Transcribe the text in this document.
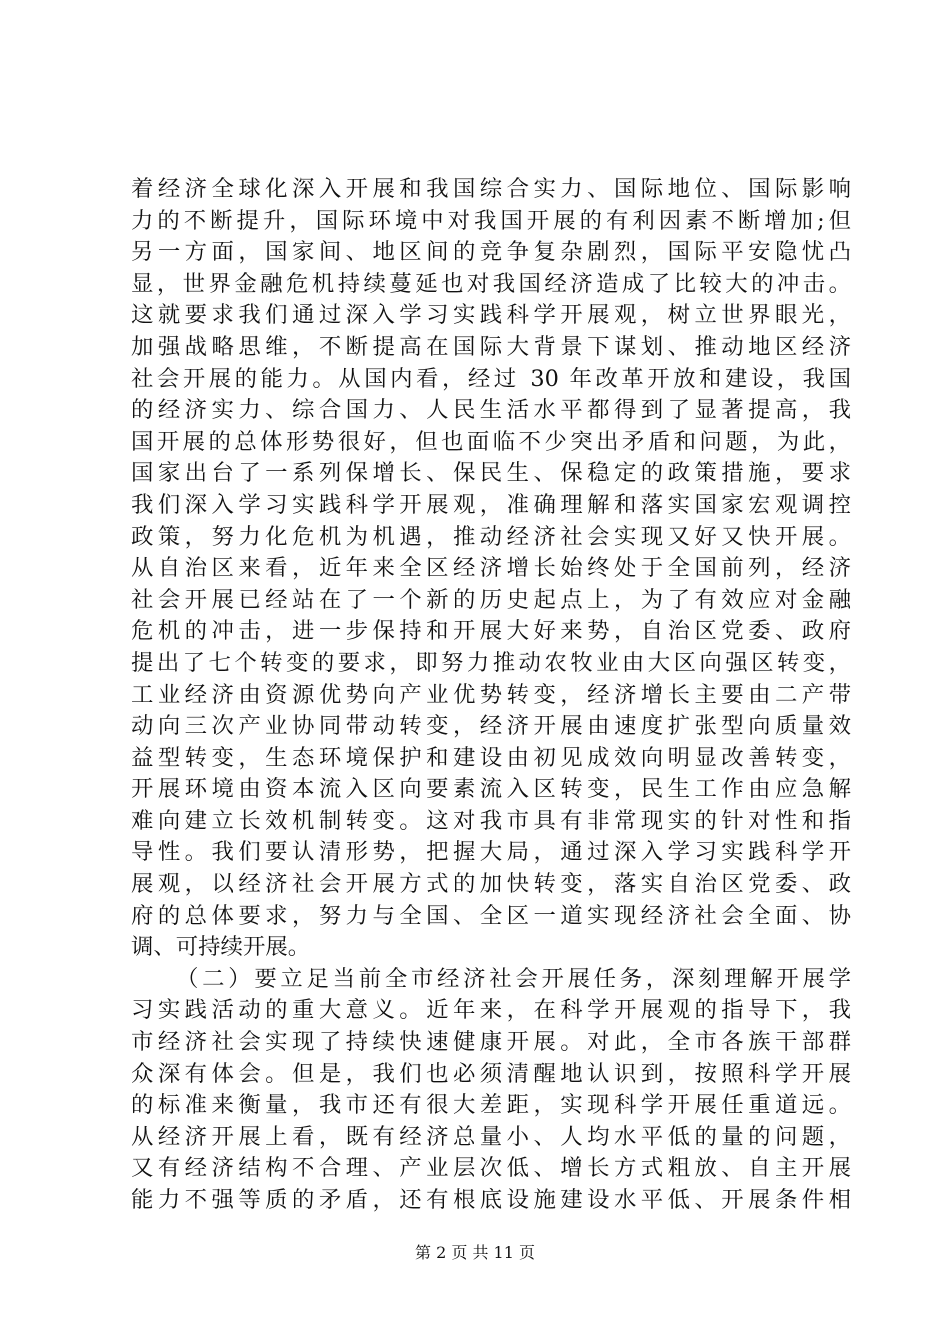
着经济全球化深入开展和我国综合实力、国际地位、国际影响
力的不断提升，国际环境中对我国开展的有利因素不断增加;但
另一方面，国家间、地区间的竞争复杂剧烈，国际平安隐忧凸
显，世界金融危机持续蔓延也对我国经济造成了比较大的冲击。
这就要求我们通过深入学习实践科学开展观，树立世界眼光，
加强战略思维，不断提高在国际大背景下谋划、推动地区经济
社会开展的能力。从国内看，经过 30 年改革开放和建设，我国
的经济实力、综合国力、人民生活水平都得到了显著提高，我
国开展的总体形势很好，但也面临不少突出矛盾和问题，为此，
国家出台了一系列保增长、保民生、保稳定的政策措施，要求
我们深入学习实践科学开展观，准确理解和落实国家宏观调控
政策，努力化危机为机遇，推动经济社会实现又好又快开展。
从自治区来看，近年来全区经济增长始终处于全国前列，经济
社会开展已经站在了一个新的历史起点上，为了有效应对金融
危机的冲击，进一步保持和开展大好来势，自治区党委、政府
提出了七个转变的要求，即努力推动农牧业由大区向强区转变，
工业经济由资源优势向产业优势转变，经济增长主要由二产带
动向三次产业协同带动转变，经济开展由速度扩张型向质量效
益型转变，生态环境保护和建设由初见成效向明显改善转变，
开展环境由资本流入区向要素流入区转变，民生工作由应急解
难向建立长效机制转变。这对我市具有非常现实的针对性和指
导性。我们要认清形势，把握大局，通过深入学习实践科学开
展观，以经济社会开展方式的加快转变，落实自治区党委、政
府的总体要求，努力与全国、全区一道实现经济社会全面、协
调、可持续开展。
（二）要立足当前全市经济社会开展任务，深刻理解开展学
习实践活动的重大意义。近年来，在科学开展观的指导下，我
市经济社会实现了持续快速健康开展。对此，全市各族干部群
众深有体会。但是，我们也必须清醒地认识到，按照科学开展
的标准来衡量，我市还有很大差距，实现科学开展任重道远。
从经济开展上看，既有经济总量小、人均水平低的量的问题，
又有经济结构不合理、产业层次低、增长方式粗放、自主开展
能力不强等质的矛盾，还有根底设施建设水平低、开展条件相
第 2 页 共 11 页
